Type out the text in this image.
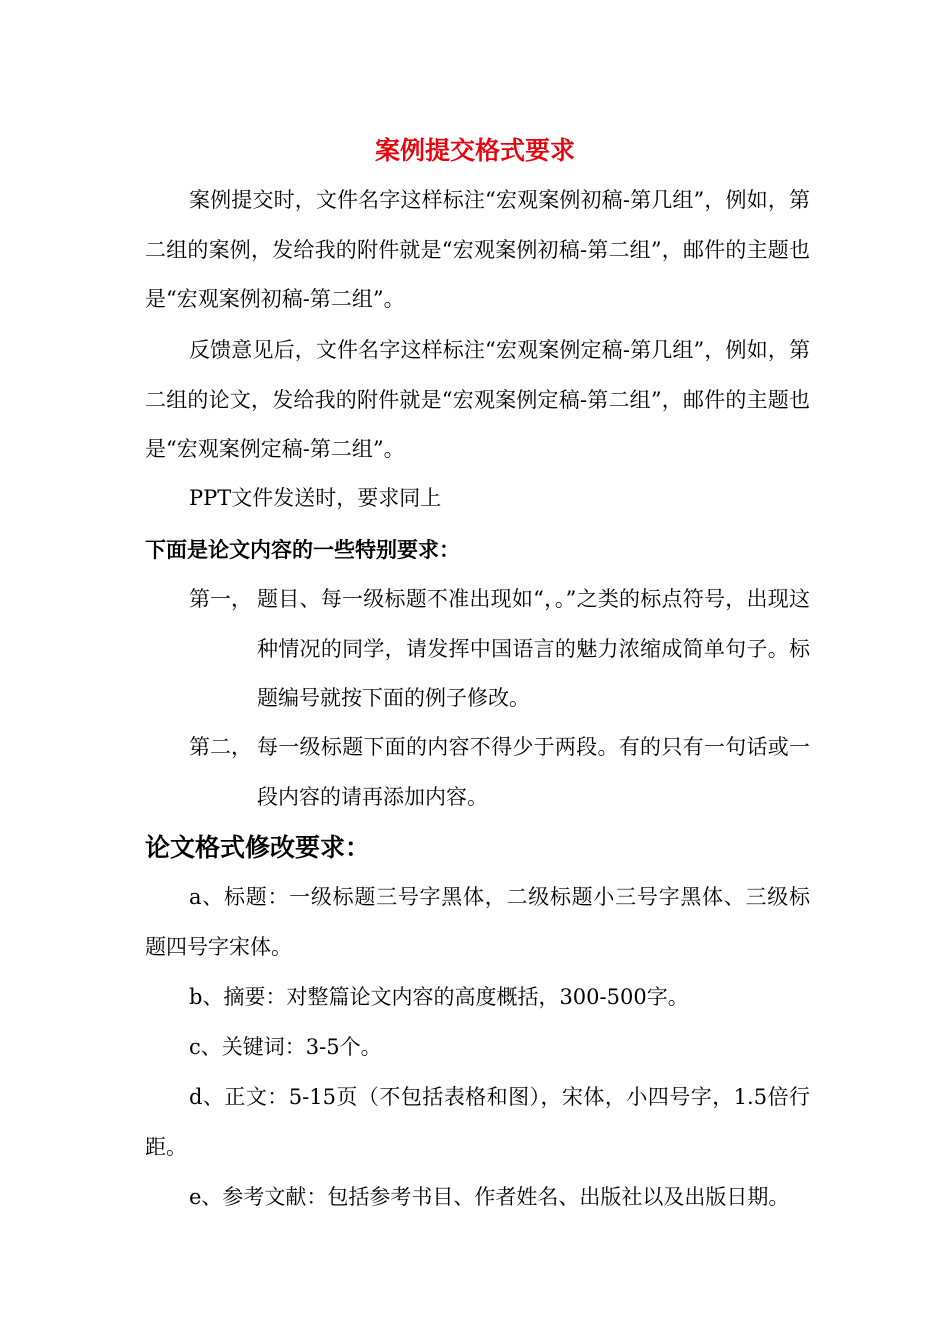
案例提交格式要求

案例提交时，文件名字这样标注“宏观案例初稿-第几组”，例如，第二组的案例，发给我的附件就是“宏观案例初稿-第二组”，邮件的主题也是“宏观案例初稿-第二组”。

反馈意见后，文件名字这样标注“宏观案例定稿-第几组”，例如，第二组的论文，发给我的附件就是“宏观案例定稿-第二组”，邮件的主题也是“宏观案例定稿-第二组”。

PPT文件发送时，要求同上

下面是论文内容的一些特别要求：
第一， 题目、每一级标题不准出现如“，。”之类的标点符号，出现这种情况的同学，请发挥中国语言的魅力浓缩成简单句子。标题编号就按下面的例子修改。
第二， 每一级标题下面的内容不得少于两段。有的只有一句话或一段内容的请再添加内容。
论文格式修改要求：

a、标题：一级标题三号字黑体，二级标题小三号字黑体、三级标题四号字宋体。

b、摘要：对整篇论文内容的高度概括，300-500字。

c、关键词：3-5个。

d、正文：5-15页（不包括表格和图），宋体，小四号字，1.5倍行距。

e、参考文献：包括参考书目、作者姓名、出版社以及出版日期。
